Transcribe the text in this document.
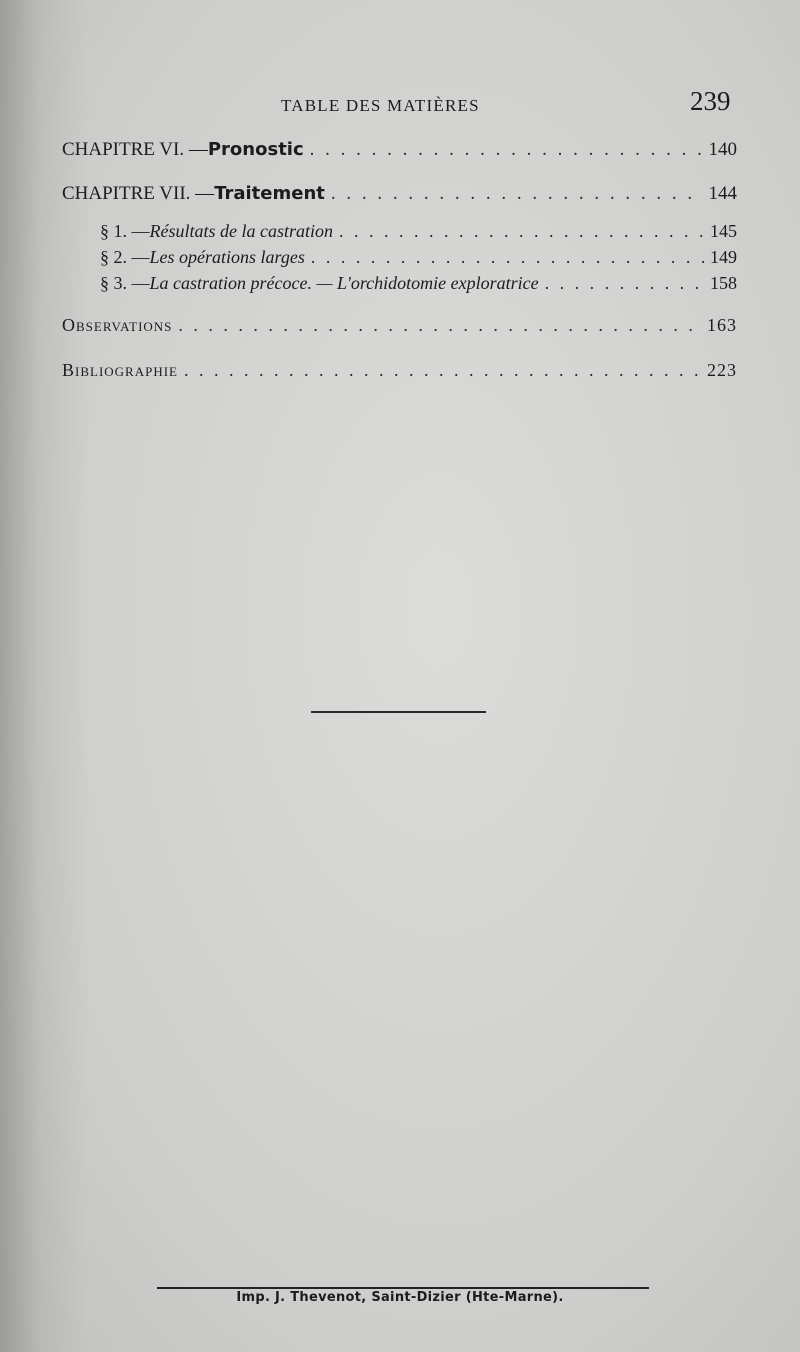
TABLE DES MATIÈRES	239
CHAPITRE VI. — Pronostic . . .	140
CHAPITRE VII. — Traitement . . .	144
§ 1. — Résultats de la castration . . .	145
§ 2. — Les opérations larges . . .	149
§ 3. — La castration précoce. — L'orchidotomie exploratrice . . .	158
Observations . . .	163
Bibliographie . . .	223
Imp. J. Thevenot, Saint-Dizier (Hte-Marne).
